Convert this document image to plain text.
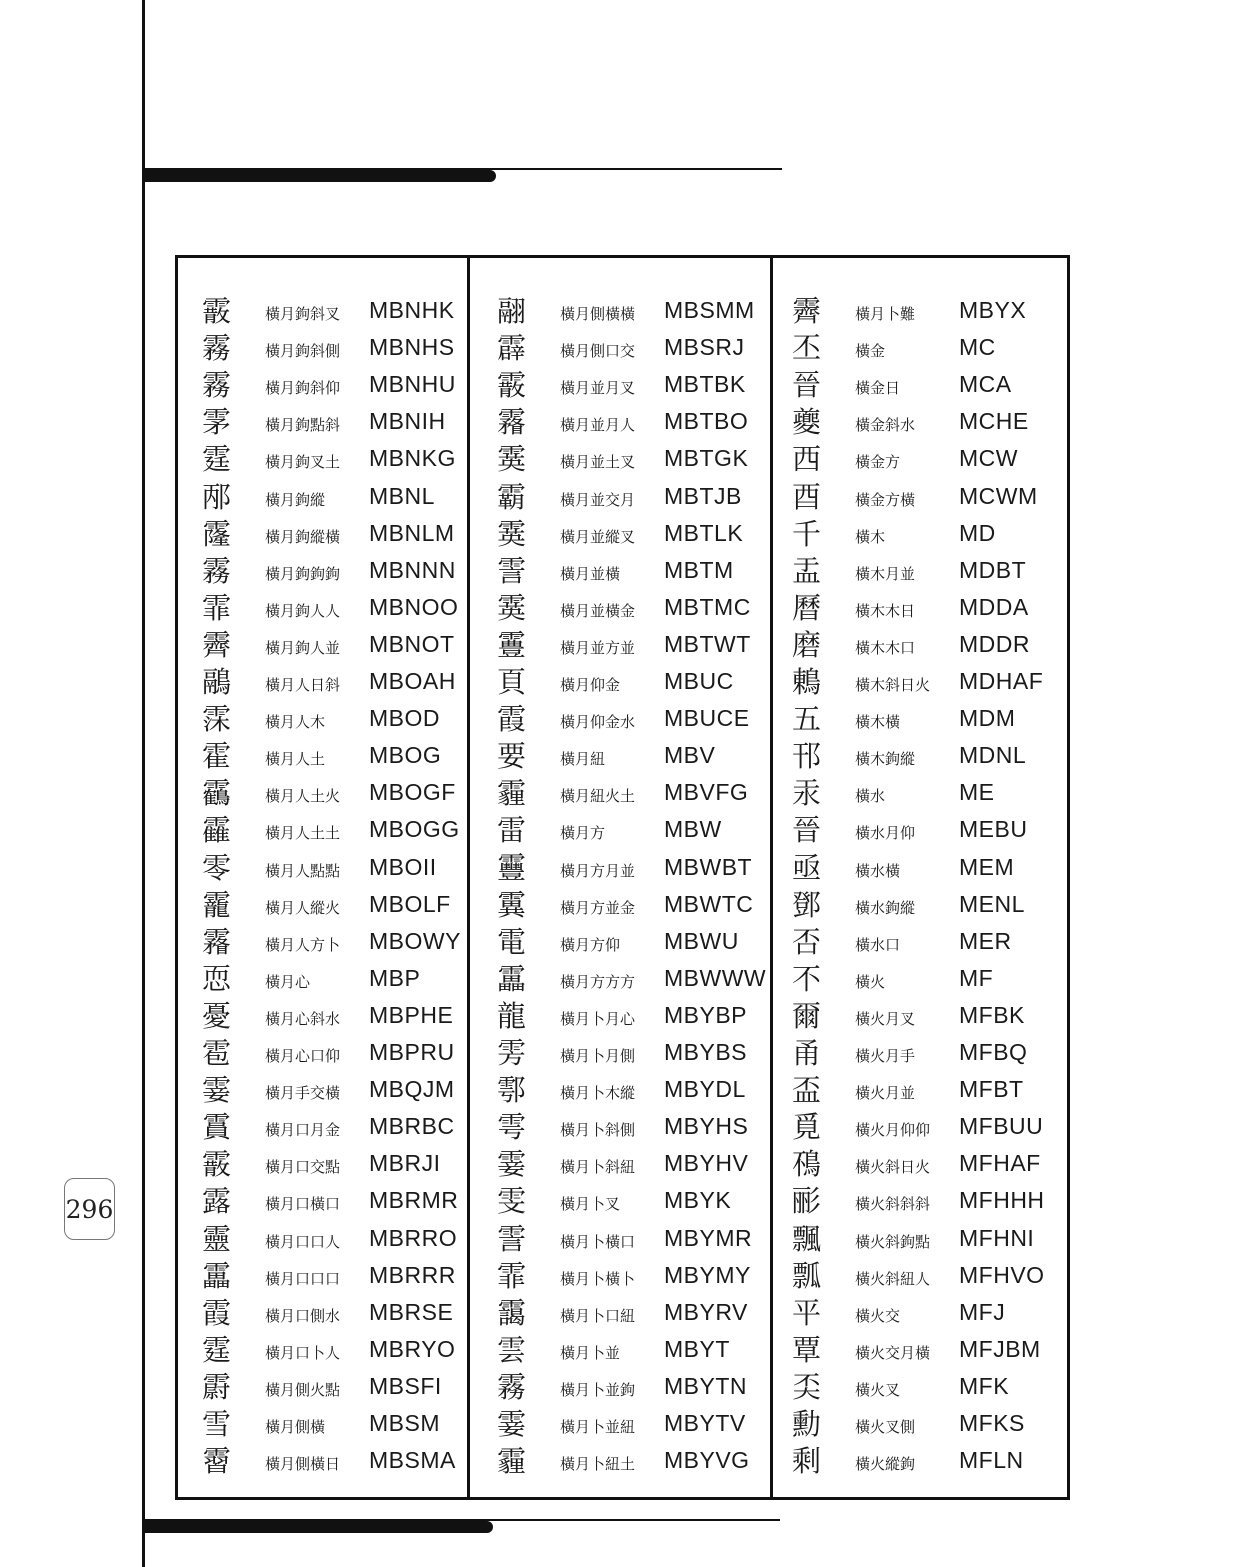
296
霰 橫月鉤斜叉 MBNHK
霧 橫月鉤斜側 MBNHS
霧 橫月鉤斜仰 MBNHU
雺 橫月鉤點斜 MBNIH
霆 橫月鉤叉土 MBNKG
邴 橫月鉤縱 MBNL
霳 橫月鉤縱橫 MBNLM
霧 橫月鉤鉤鉤 MBNNN
霏 橫月鉤人人 MBNOO
霽 橫月鉤人並 MBNOT
鷊 橫月人日斜 MBOAH
霂 橫月人木 MBOD
霍 橫月人土 MBOG
靏 橫月人土火 MBOGF
靃 橫月人土土 MBOGG
零 橫月人點點 MBOII
靇 橫月人縱火 MBOLF
霿 橫月人方卜 MBOWY
恧 橫月心	MBP
憂 橫月心斜水 MBPHE
雹 橫月心口仰 MBPRU
霎 橫月手交橫 MBQJM
霣 橫月口月金 MBRBC
霰 橫月口交點 MBRJI
露 橫月口橫口 MBRMR
靈 橫月口口人 MBRRO
靁 橫月口口口 MBRRR
霞 橫月口側水 MBRSE
霆 橫月口卜人 MBRYO
霨 橫月側火點 MBSFI
雪 橫月側橫 MBSM
霫 橫月側橫日 MBSMA
翮 橫月側橫橫 MBSMM
霹 橫月側口交 MBSRJ
霰 橫月並月叉 MBTBK
霿 橫月並月人 MBTBO
霙 橫月並土叉 MBTGK
霸 橫月並交月 MBTJB
霙 橫月並縱叉 MBTLK
霅 橫月並橫 MBTM
霙 橫月並橫金 MBTMC
霻 橫月並方並 MBTWT
頁 橫月仰金 MBUC
霞 橫月仰金水 MBUCE
要 橫月紐	MBV
霾 橫月紐火土 MBVFG
雷 橫月方	MBW
靊 橫月方月並 MBWBT
霬 橫月方並金 MBWTC
電 橫月方仰 MBWU
靁 橫月方方方 MBWWW
龍 橫月卜月心 MBYBP
雱 橫月卜月側 MBYBS
鄠 橫月卜木縱 MBYDL
雩 橫月卜斜側 MBYHS
霎 橫月卜斜紐 MBYHV
雯 橫月卜叉 MBYK
霅 橫月卜橫口 MBYMR
霏 橫月卜橫卜 MBYMY
靄 橫月卜口紐 MBYRV
雲 橫月卜並 MBYT
霧 橫月卜並鉤 MBYTN
霎 橫月卜並紐 MBYTV
霾 橫月卜紐土 MBYVG
霽 橫月卜難 MBYX
丕 橫金	MC
晉 橫金日	MCA
夔 橫金斜水 MCHE
西 橫金方	MCW
酉 橫金方橫 MCWM
千 橫木	MD
盂 橫木月並 MDBT
曆 橫木木日 MDDA
磨 橫木木口 MDDR
鶇 橫木斜日火 MDHAF
五 橫木橫	MDM
邗 橫木鉤縱 MDNL
汞 橫水	ME
晉 橫水月仰 MEBU
亟 橫水橫	MEM
鄧 橫水鉤縱 MENL
否 橫水口	MER
不 橫火	MF
爾 橫火月叉 MFBK
甬 橫火月手 MFBQ
盃 橫火月並 MFBT
覓 橫火月仰仰 MFBUU
鴀 橫火斜日火 MFHAF
彨 橫火斜斜斜 MFHHH
飄 橫火斜鉤點 MFHNI
瓢 橫火斜紐人 MFHVO
平 橫火交	MFJ
覃 橫火交月橫 MFJBM
奀 橫火叉	MFK
勳 橫火叉側 MFKS
剩 橫火縱鉤 MFLN
